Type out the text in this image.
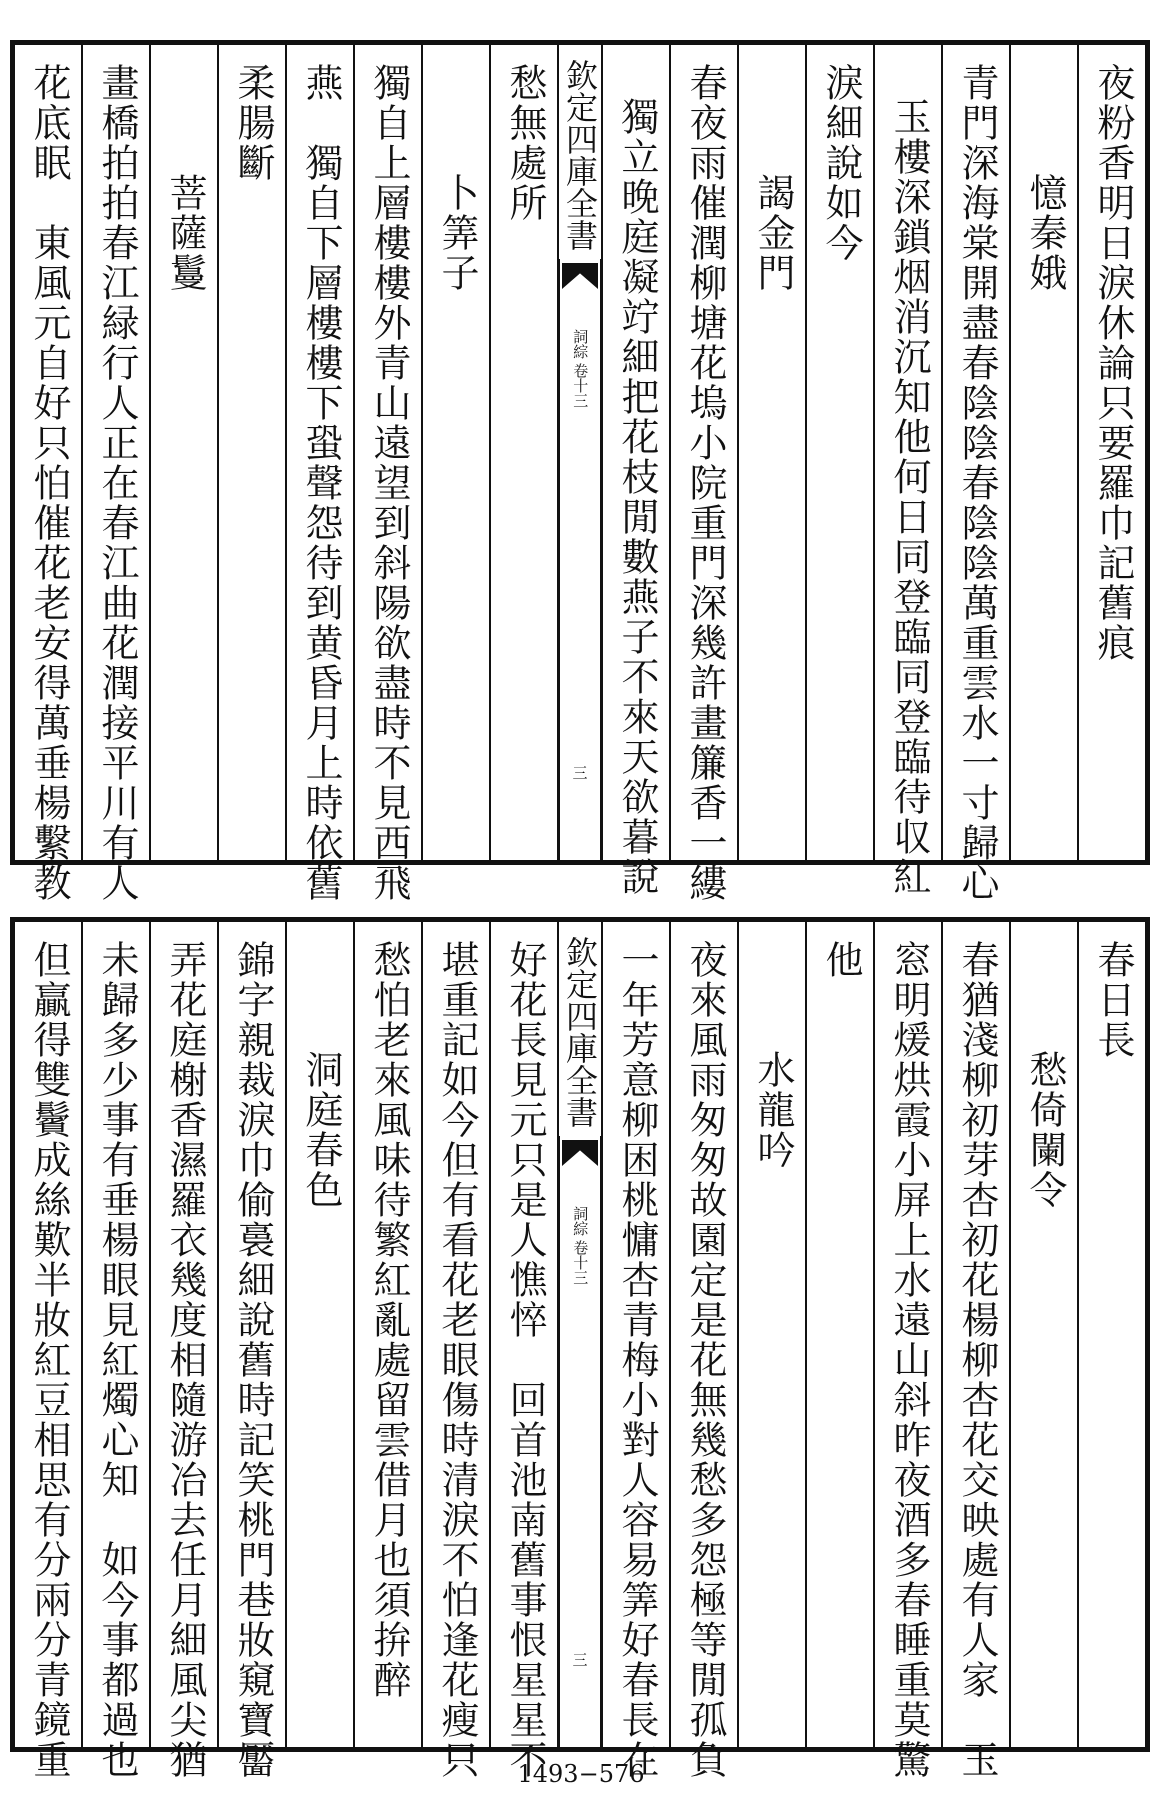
夜粉香明日淚休論只要羅巾記舊痕
憶秦娥
青門深海棠開盡春陰陰春陰陰萬重雲水一寸歸心
玉樓深鎖烟消沉知他何日同登臨同登臨待収紅
淚細說如今
謁金門
春夜雨催潤柳塘花塢小院重門深幾許畫簾香一縷
獨立晚庭凝竚細把花枝閒數燕子不來天欲暮說
欽定四庫全書
詞綜
卷十三
三
愁無處所
卜筭子
獨自上層樓樓外青山遠望到斜陽欲盡時不見西飛
燕　獨自下層樓樓下蛩聲怨待到黄昏月上時依舊
柔腸斷
菩薩鬘
畫橋拍拍春江緑行人正在春江曲花潤接平川有人
花底眠　東風元自好只怕催花老安得萬垂楊繫教
春日長
愁倚闌令
春猶淺柳初芽杏初花楊柳杏花交映處有人家　玉
窓明煖烘霞小屏上水遠山斜昨夜酒多春睡重莫驚
他
水龍吟
夜來風雨匆匆故園定是花無幾愁多怨極等閒孤負
一年芳意柳困桃慵杏青梅小對人容易筭好春長在
欽定四庫全書
詞綜
卷十三
三
好花長見元只是人憔悴　回首池南舊事恨星星不
堪重記如今但有看花老眼傷時清淚不怕逢花瘦只
愁怕老來風味待繁紅亂處留雲借月也須拚醉
洞庭春色
錦字親裁淚巾偷裛細說舊時記笑桃門巷妝窺寶靨
弄花庭榭香濕羅衣幾度相隨游冶去任月細風尖猶
未歸多少事有垂楊眼見紅燭心知　如今事都過也
但贏得雙鬢成絲歎半妝紅豆相思有分兩分青鏡重	1493−576
